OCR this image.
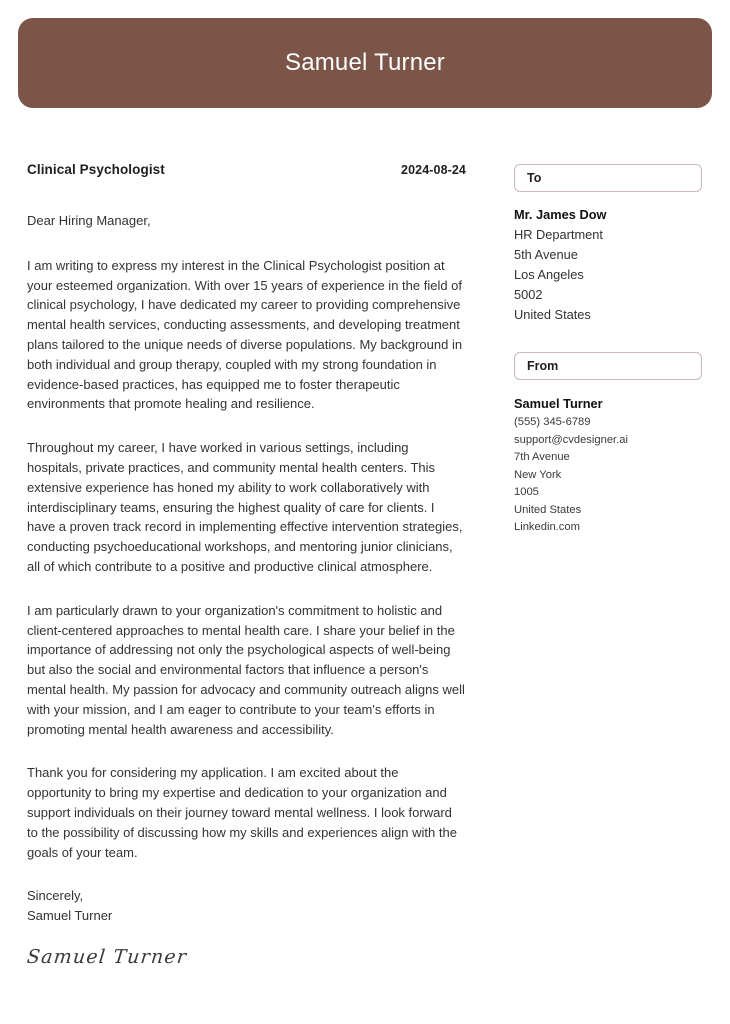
Samuel Turner
Clinical Psychologist	2024-08-24
Dear Hiring Manager,

I am writing to express my interest in the Clinical Psychologist position at your esteemed organization. With over 15 years of experience in the field of clinical psychology, I have dedicated my career to providing comprehensive mental health services, conducting assessments, and developing treatment plans tailored to the unique needs of diverse populations. My background in both individual and group therapy, coupled with my strong foundation in evidence-based practices, has equipped me to foster therapeutic environments that promote healing and resilience.

Throughout my career, I have worked in various settings, including hospitals, private practices, and community mental health centers. This extensive experience has honed my ability to work collaboratively with interdisciplinary teams, ensuring the highest quality of care for clients. I have a proven track record in implementing effective intervention strategies, conducting psychoeducational workshops, and mentoring junior clinicians, all of which contribute to a positive and productive clinical atmosphere.

I am particularly drawn to your organization's commitment to holistic and client-centered approaches to mental health care. I share your belief in the importance of addressing not only the psychological aspects of well-being but also the social and environmental factors that influence a person's mental health. My passion for advocacy and community outreach aligns well with your mission, and I am eager to contribute to your team's efforts in promoting mental health awareness and accessibility.

Thank you for considering my application. I am excited about the opportunity to bring my expertise and dedication to your organization and support individuals on their journey toward mental wellness. I look forward to the possibility of discussing how my skills and experiences align with the goals of your team.

Sincerely,
Samuel Turner
Samuel Turner
To
Mr. James Dow
HR Department
5th Avenue
Los Angeles
5002
United States
From
Samuel Turner
(555) 345-6789
support@cvdesigner.ai
7th Avenue
New York
1005
United States
Linkedin.com
